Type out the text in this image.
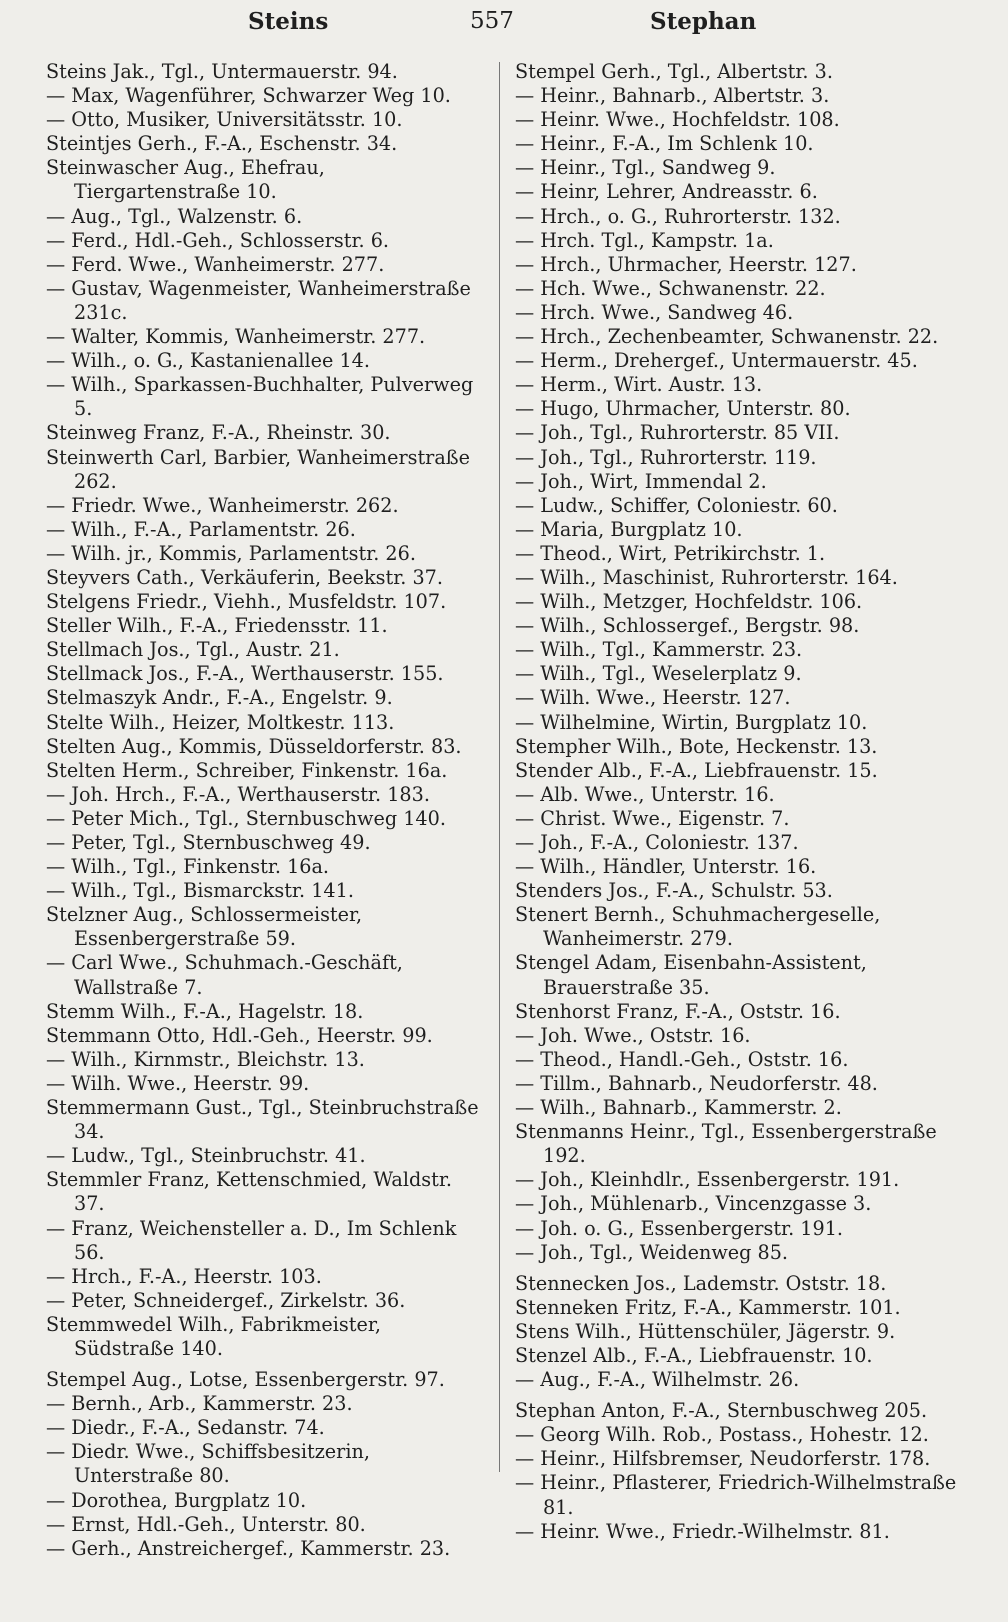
Steins	557	Stephan

Steins Jak., Tgl., Untermauerstr. 94.

— Max, Wagenführer, Schwarzer Weg 10.

— Otto, Musiker, Universitätsstr. 10.

Steintjes Gerh., F.-A., Eschenstr. 34.

Steinwascher Aug., Ehefrau, Tiergartenstraße 10.

— Aug., Tgl., Walzenstr. 6.

— Ferd., Hdl.-Geh., Schlosserstr. 6.

— Ferd. Wwe., Wanheimerstr. 277.

— Gustav, Wagenmeister, Wanheimerstraße 231c.

— Walter, Kommis, Wanheimerstr. 277.

— Wilh., o. G., Kastanienallee 14.

— Wilh., Sparkassen-Buchhalter, Pulverweg 5.

Steinweg Franz, F.-A., Rheinstr. 30.

Steinwerth Carl, Barbier, Wanheimerstraße 262.

— Friedr. Wwe., Wanheimerstr. 262.

— Wilh., F.-A., Parlamentstr. 26.

— Wilh. jr., Kommis, Parlamentstr. 26.

Steyvers Cath., Verkäuferin, Beekstr. 37.

Stelgens Friedr., Viehh., Musfeldstr. 107.

Steller Wilh., F.-A., Friedensstr. 11.

Stellmach Jos., Tgl., Austr. 21.

Stellmack Jos., F.-A., Werthauserstr. 155.

Stelmaszyk Andr., F.-A., Engelstr. 9.

Stelte Wilh., Heizer, Moltkestr. 113.

Stelten Aug., Kommis, Düsseldorferstr. 83.

Stelten Herm., Schreiber, Finkenstr. 16a.

— Joh. Hrch., F.-A., Werthauserstr. 183.

— Peter Mich., Tgl., Sternbuschweg 140.

— Peter, Tgl., Sternbuschweg 49.

— Wilh., Tgl., Finkenstr. 16a.

— Wilh., Tgl., Bismarckstr. 141.

Stelzner Aug., Schlossermeister, Essenbergerstraße 59.

— Carl Wwe., Schuhmach.-Geschäft, Wallstraße 7.

Stemm Wilh., F.-A., Hagelstr. 18.

Stemmann Otto, Hdl.-Geh., Heerstr. 99.

— Wilh., Kirnmstr., Bleichstr. 13.

— Wilh. Wwe., Heerstr. 99.

Stemmermann Gust., Tgl., Steinbruchstraße 34.

— Ludw., Tgl., Steinbruchstr. 41.

Stemmler Franz, Kettenschmied, Waldstr. 37.

— Franz, Weichensteller a. D., Im Schlenk 56.

— Hrch., F.-A., Heerstr. 103.

— Peter, Schneidergef., Zirkelstr. 36.

Stemmwedel Wilh., Fabrikmeister, Südstraße 140.

Stempel Aug., Lotse, Essenbergerstr. 97.

— Bernh., Arb., Kammerstr. 23.

— Diedr., F.-A., Sedanstr. 74.

— Diedr. Wwe., Schiffsbesitzerin, Unterstraße 80.

— Dorothea, Burgplatz 10.

— Ernst, Hdl.-Geh., Unterstr. 80.

— Gerh., Anstreichergef., Kammerstr. 23.

Stempel Gerh., Tgl., Albertstr. 3.

— Heinr., Bahnarb., Albertstr. 3.

— Heinr. Wwe., Hochfeldstr. 108.

— Heinr., F.-A., Im Schlenk 10.

— Heinr., Tgl., Sandweg 9.

— Heinr, Lehrer, Andreasstr. 6.

— Hrch., o. G., Ruhrorterstr. 132.

— Hrch. Tgl., Kampstr. 1a.

— Hrch., Uhrmacher, Heerstr. 127.

— Hch. Wwe., Schwanenstr. 22.

— Hrch. Wwe., Sandweg 46.

— Hrch., Zechenbeamter, Schwanenstr. 22.

— Herm., Drehergef., Untermauerstr. 45.

— Herm., Wirt. Austr. 13.

— Hugo, Uhrmacher, Unterstr. 80.

— Joh., Tgl., Ruhrorterstr. 85 VII.

— Joh., Tgl., Ruhrorterstr. 119.

— Joh., Wirt, Immendal 2.

— Ludw., Schiffer, Coloniestr. 60.

— Maria, Burgplatz 10.

— Theod., Wirt, Petrikirchstr. 1.

— Wilh., Maschinist, Ruhrorterstr. 164.

— Wilh., Metzger, Hochfeldstr. 106.

— Wilh., Schlossergef., Bergstr. 98.

— Wilh., Tgl., Kammerstr. 23.

— Wilh., Tgl., Weselerplatz 9.

— Wilh. Wwe., Heerstr. 127.

— Wilhelmine, Wirtin, Burgplatz 10.

Stempher Wilh., Bote, Heckenstr. 13.

Stender Alb., F.-A., Liebfrauenstr. 15.

— Alb. Wwe., Unterstr. 16.

— Christ. Wwe., Eigenstr. 7.

— Joh., F.-A., Coloniestr. 137.

— Wilh., Händler, Unterstr. 16.

Stenders Jos., F.-A., Schulstr. 53.

Stenert Bernh., Schuhmachergeselle, Wanheimerstr. 279.

Stengel Adam, Eisenbahn-Assistent, Brauerstraße 35.

Stenhorst Franz, F.-A., Oststr. 16.

— Joh. Wwe., Oststr. 16.

— Theod., Handl.-Geh., Oststr. 16.

— Tillm., Bahnarb., Neudorferstr. 48.

— Wilh., Bahnarb., Kammerstr. 2.

Stenmanns Heinr., Tgl., Essenbergerstraße 192.

— Joh., Kleinhdlr., Essenbergerstr. 191.

— Joh., Mühlenarb., Vincenzgasse 3.

— Joh. o. G., Essenbergerstr. 191.

— Joh., Tgl., Weidenweg 85.

Stennecken Jos., Lademstr. Oststr. 18.

Stenneken Fritz, F.-A., Kammerstr. 101.

Stens Wilh., Hüttenschüler, Jägerstr. 9.

Stenzel Alb., F.-A., Liebfrauenstr. 10.

— Aug., F.-A., Wilhelmstr. 26.

Stephan Anton, F.-A., Sternbuschweg 205.

— Georg Wilh. Rob., Postass., Hohestr. 12.

— Heinr., Hilfsbremser, Neudorferstr. 178.

— Heinr., Pflasterer, Friedrich-Wilhelmstraße 81.

— Heinr. Wwe., Friedr.-Wilhelmstr. 81.
